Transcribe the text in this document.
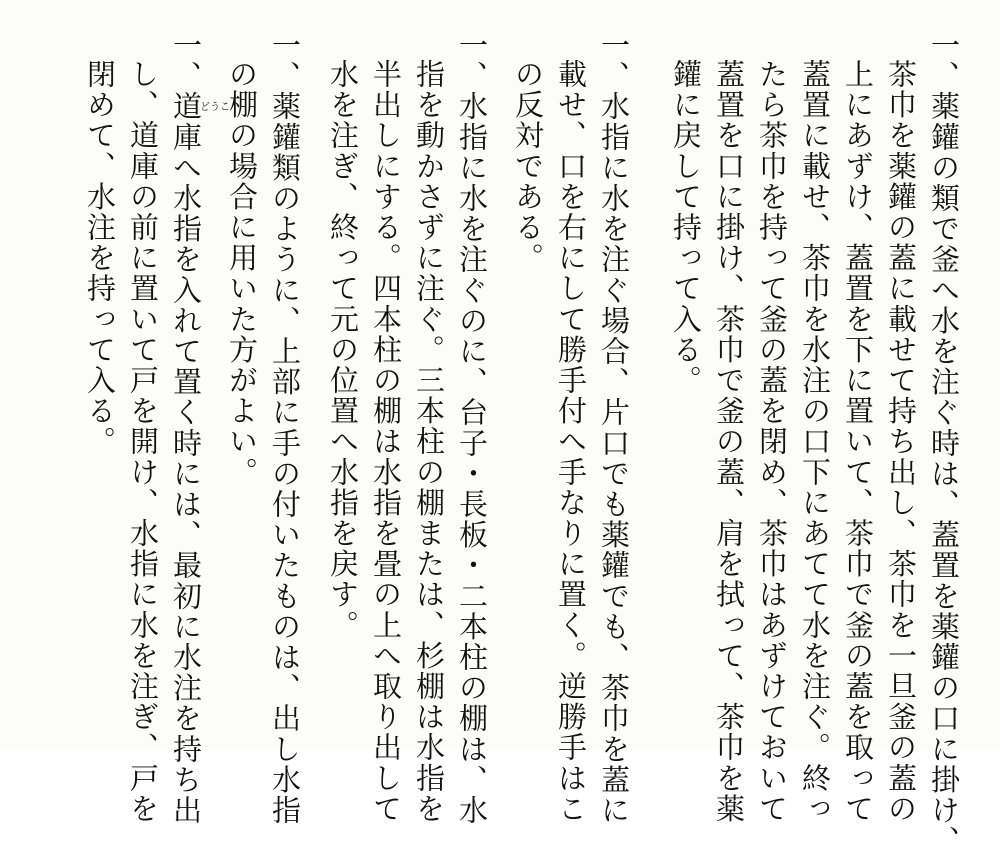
一、薬鑵の類で釜へ水を注ぐ時は、蓋置を薬鑵の口に掛け、
茶巾を薬鑵の蓋に載せて持ち出し、茶巾を一旦釜の蓋の
上にあずけ、蓋置を下に置いて、茶巾で釜の蓋を取って
蓋置に載せ、茶巾を水注の口下にあてて水を注ぐ。終っ
たら茶巾を持って釜の蓋を閉め、茶巾はあずけておいて
蓋置を口に掛け、茶巾で釜の蓋、肩を拭って、茶巾を薬
鑵に戻して持って入る。
一、水指に水を注ぐ場合、片口でも薬鑵でも、茶巾を蓋に
載せ、口を右にして勝手付へ手なりに置く。逆勝手はこ
の反対である。
一、水指に水を注ぐのに、台子・長板・二本柱の棚は、水
指を動かさずに注ぐ。三本柱の棚または、杉棚は水指を
半出しにする。四本柱の棚は水指を畳の上へ取り出して
水を注ぎ、終って元の位置へ水指を戻す。
一、薬鑵類のように、上部に手の付いたものは、出し水指
の棚の場合に用いた方がよい。
一、道庫へ水指を入れて置く時には、最初に水注を持ち出
し、道庫の前に置いて戸を開け、水指に水を注ぎ、戸を
閉めて、水注を持って入る。	どうこ
